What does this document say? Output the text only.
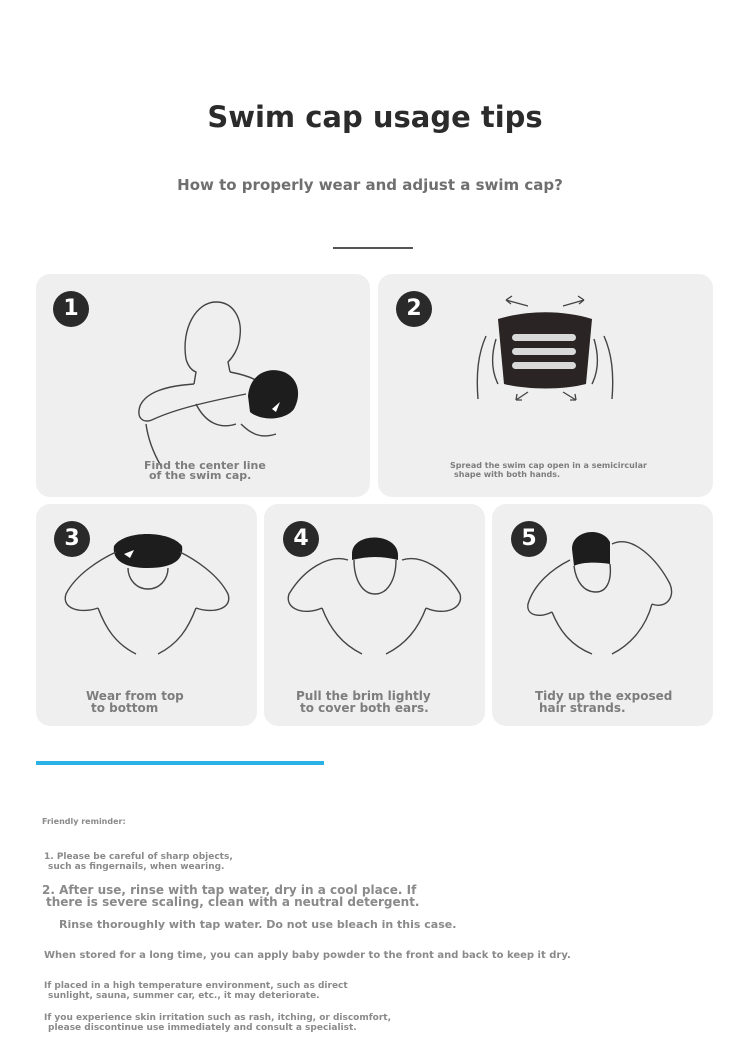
Swim cap usage tips
How to properly wear and adjust a swim cap?
1
Find the center line
of the swim cap.
2
Spread the swim cap open in a semicircular
shape with both hands.
3
Wear from top
to bottom
4
Pull the brim lightly
to cover both ears.
5
Tidy up the exposed
hair strands.
Friendly reminder:
1. Please be careful of sharp objects,
such as fingernails, when wearing.
2. After use, rinse with tap water, dry in a cool place. If
there is severe scaling, clean with a neutral detergent.
Rinse thoroughly with tap water. Do not use bleach in this case.
When stored for a long time, you can apply baby powder to the front and back to keep it dry.
If placed in a high temperature environment, such as direct
sunlight, sauna, summer car, etc., it may deteriorate.
If you experience skin irritation such as rash, itching, or discomfort,
please discontinue use immediately and consult a specialist.
